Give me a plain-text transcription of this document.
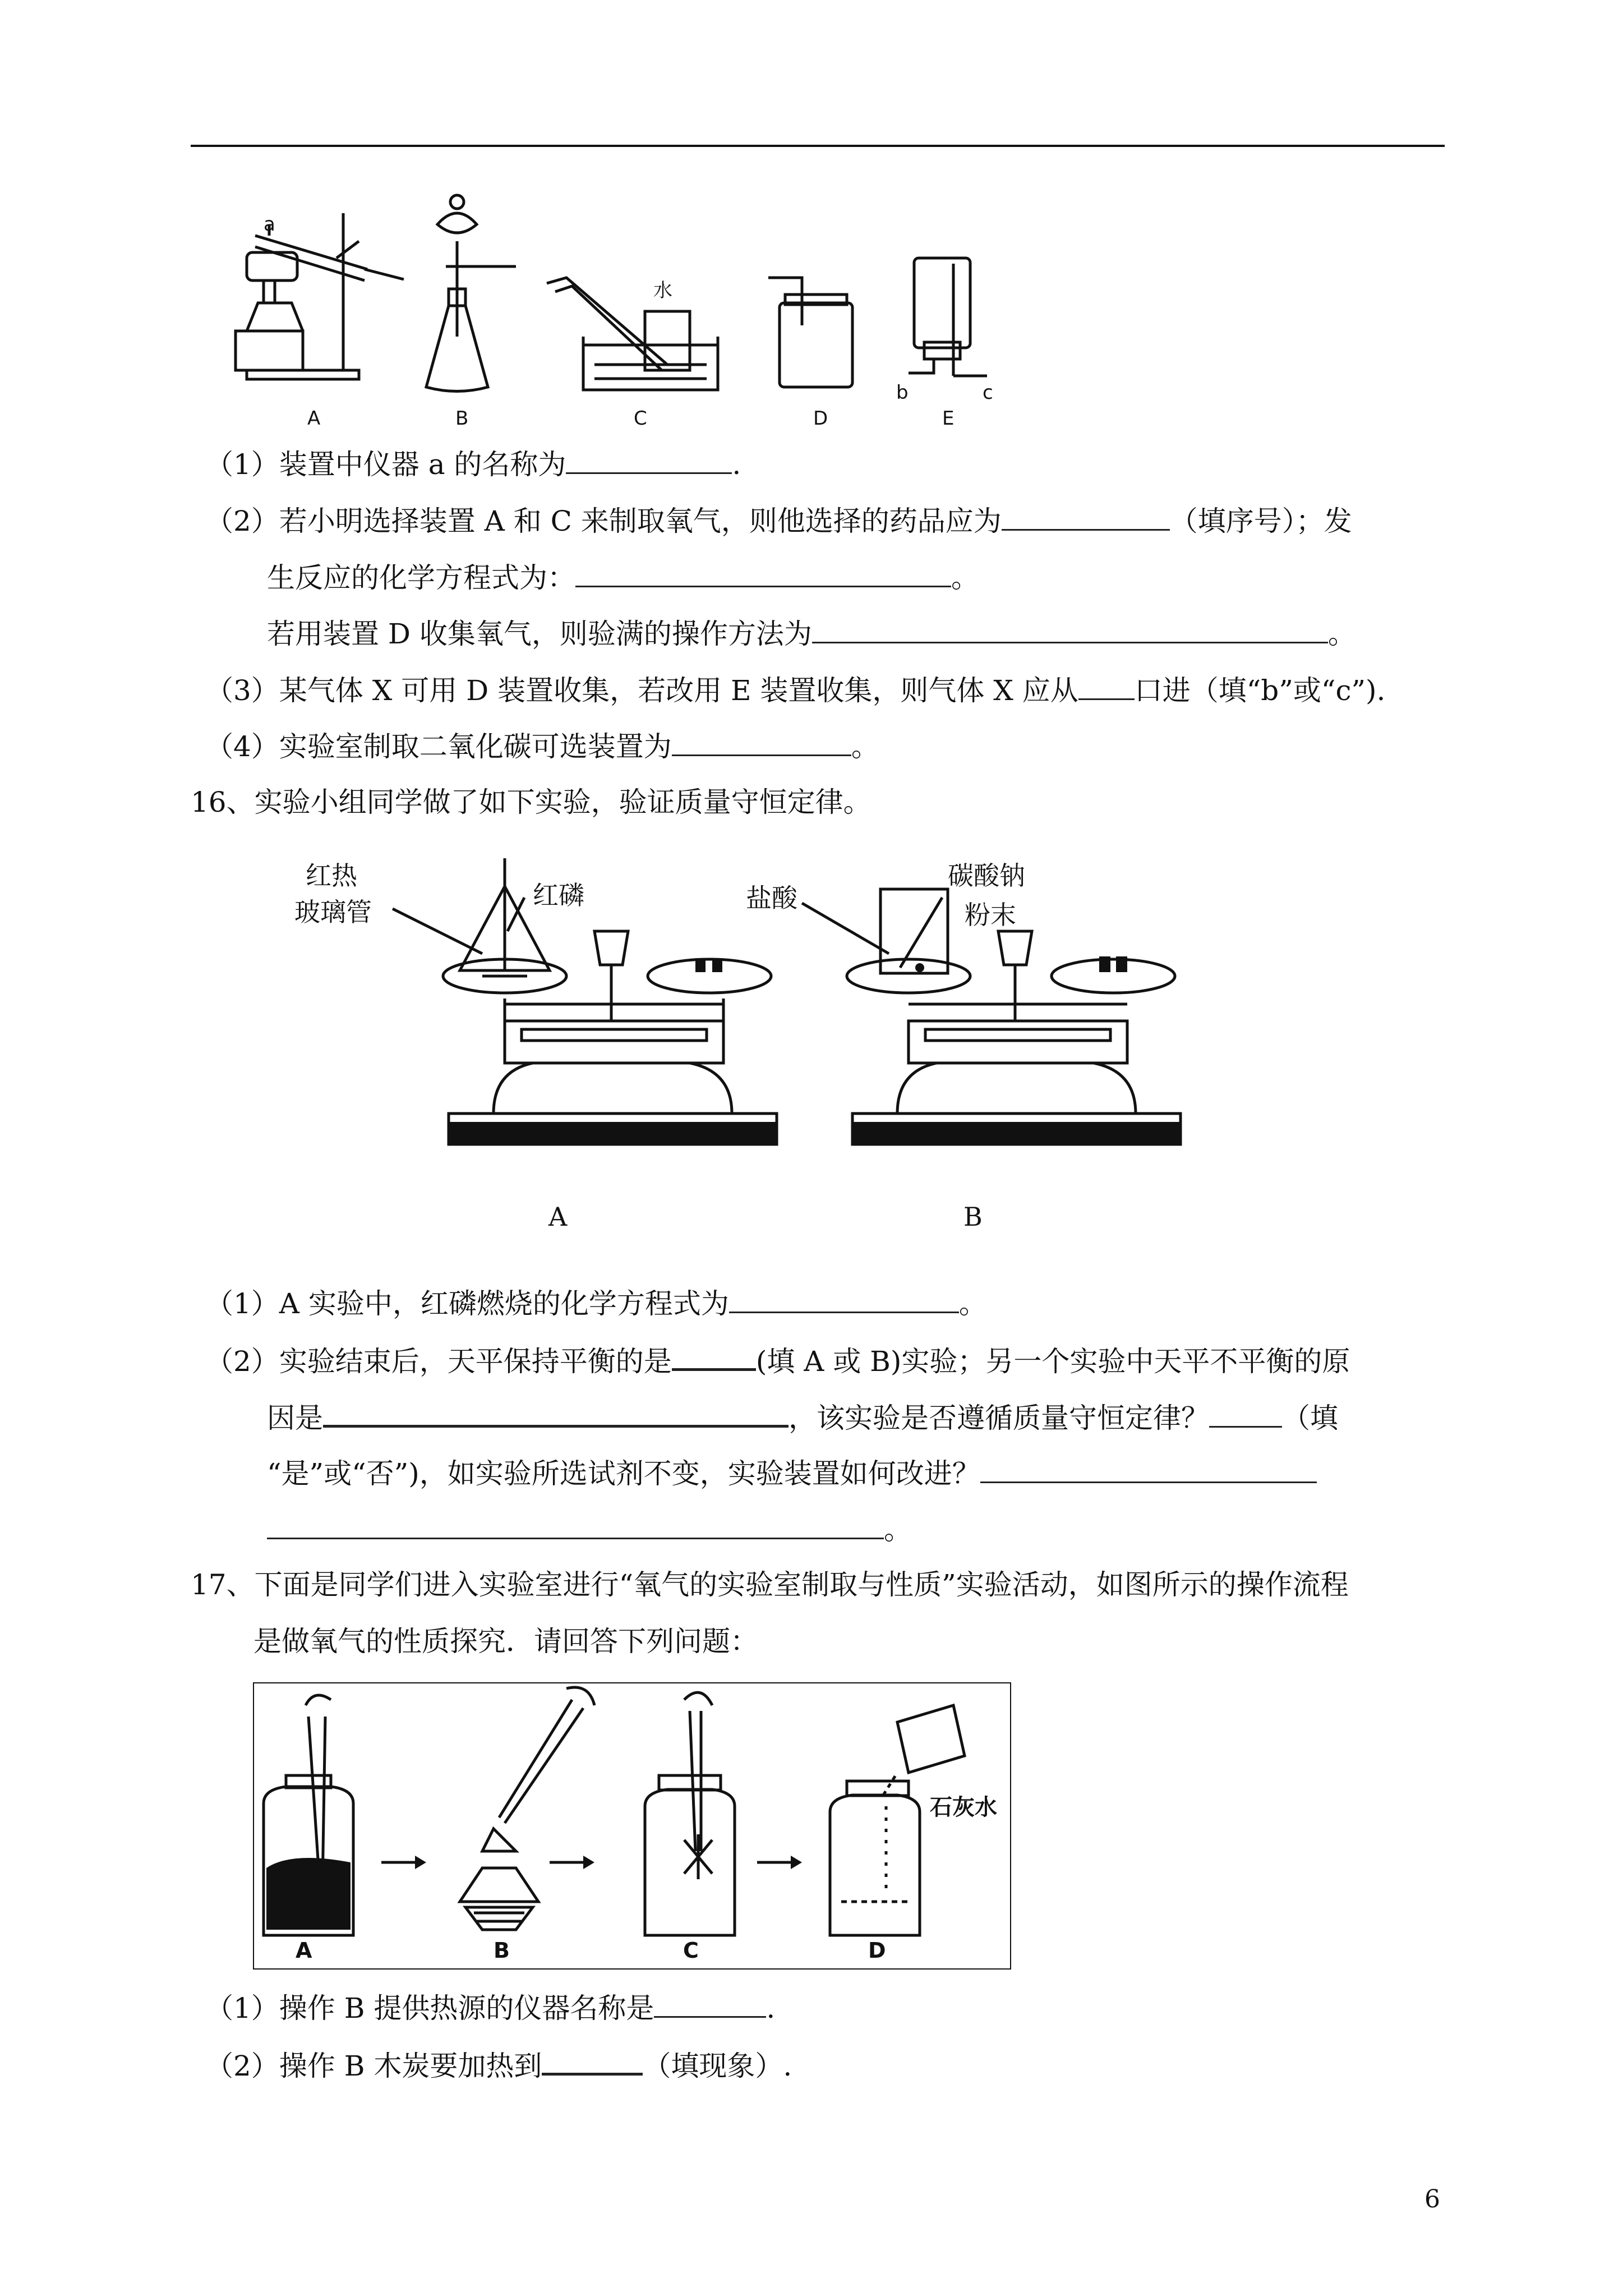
a
水
b	c
A	B	C	D	E
（1）装置中仪器 a 的名称为	.
（2）若小明选择装置 A 和 C 来制取氧气，则他选择的药品应为	（填序号）；发
生反应的化学方程式为：	。
若用装置 D 收集氧气，则验满的操作方法为	。
（3）某气体 X 可用 D 装置收集，若改用 E 装置收集，则气体 X 应从 口进（填“b”或“c”).
（4）实验室制取二氧化碳可选装置为	。
16、实验小组同学做了如下实验，验证质量守恒定律。
红热
玻璃管
红磷	盐酸
碳酸钠
粉末
A	B
（1）A 实验中，红磷燃烧的化学方程式为	。
（2）实验结束后，天平保持平衡的是	(填 A 或 B)实验；另一个实验中天平不平衡的原
因是	，该实验是否遵循质量守恒定律？	（填
“是”或“否”)，如实验所选试剂不变，实验装置如何改进？
。
17、下面是同学们进入实验室进行“氧气的实验室制取与性质”实验活动，如图所示的操作流程
是做氧气的性质探究．请回答下列问题：
石灰水
A	B	C	D
（1）操作 B 提供热源的仪器名称是	.
（2）操作 B 木炭要加热到	（填现象）.
6
